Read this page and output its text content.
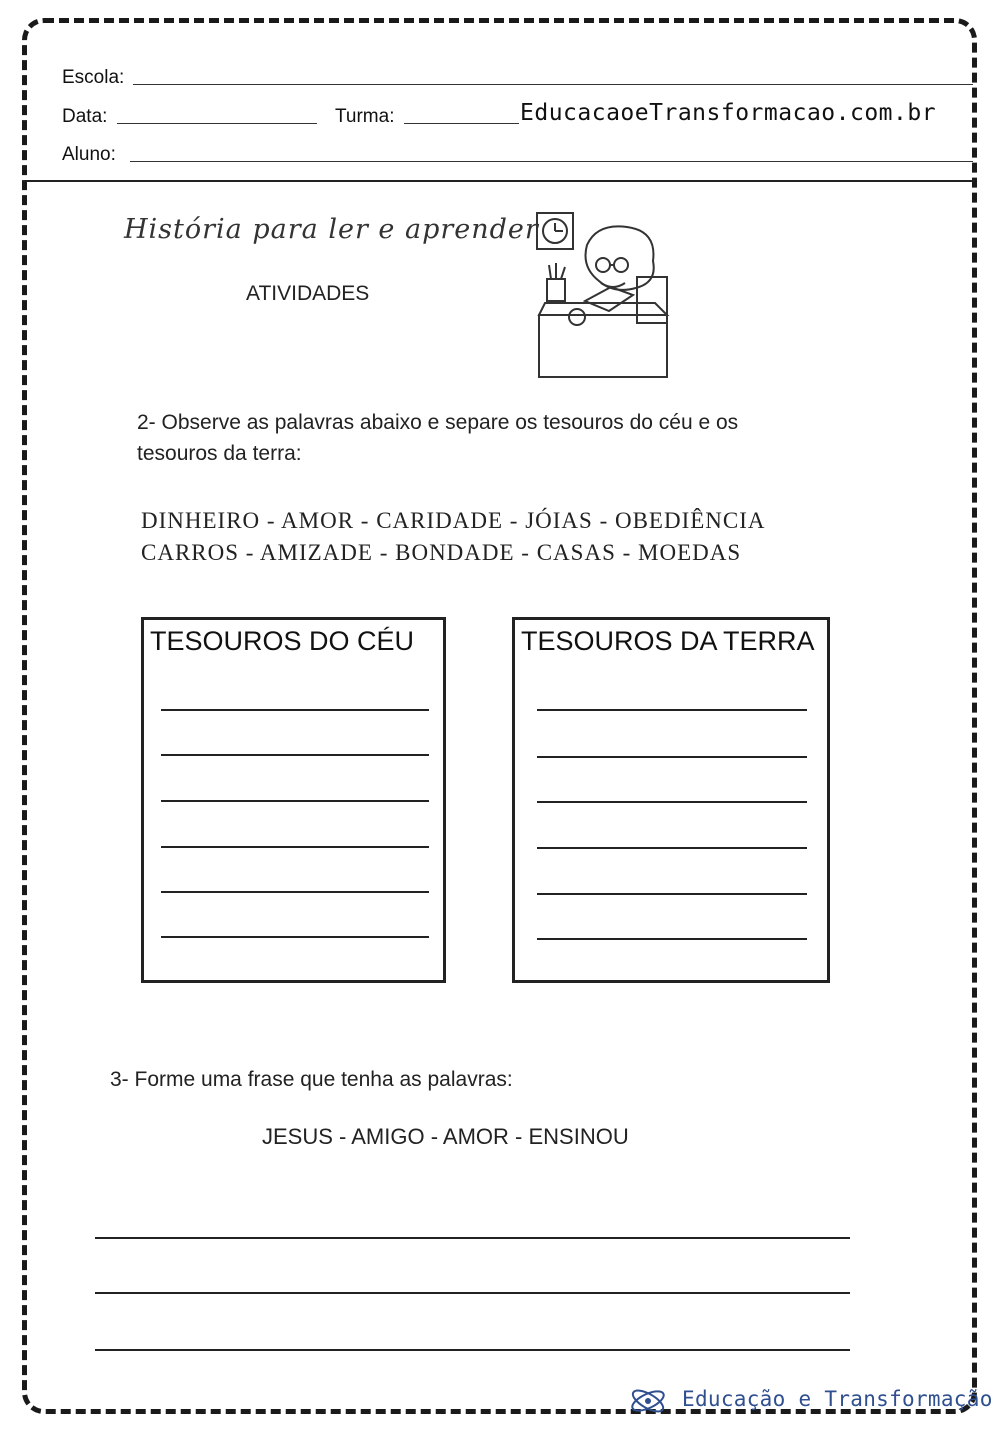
Escola:
Data:	Turma:	EducacaoeTransformacao.com.br
Aluno:
História para ler e aprender
ATIVIDADES
2- Observe as palavras abaixo e separe os tesouros do céu e os
tesouros da terra:
DINHEIRO - AMOR - CARIDADE - JÓIAS - OBEDIÊNCIA
CARROS - AMIZADE - BONDADE - CASAS - MOEDAS
TESOUROS DO CÉU	TESOUROS DA TERRA
3- Forme uma frase que tenha as palavras:
JESUS - AMIGO - AMOR - ENSINOU
Educação e Transformação
